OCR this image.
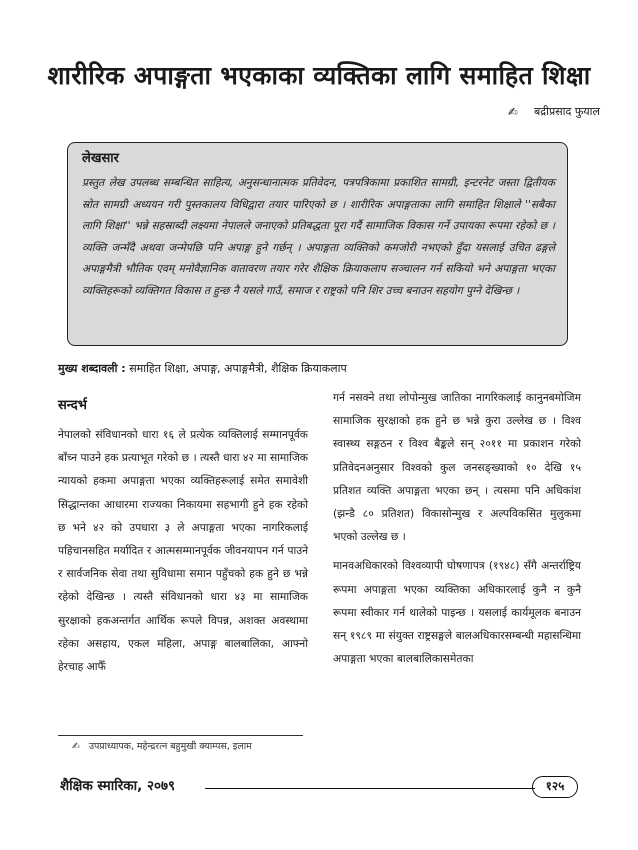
शारीरिक अपाङ्गता भएकाका व्यक्तिका लागि समाहित शिक्षा
✍ बद्रीप्रसाद फुयाल

लेखसार

प्रस्तुत लेख उपलब्ध सम्बन्धित साहित्य, अनुसन्धानात्मक प्रतिवेदन, पत्रपत्रिकामा प्रकाशित सामग्री, इन्टरनेट जस्ता द्वितीयक स्रोत सामग्री अध्ययन गरी पुस्तकालय विधिद्वारा तयार पारिएको छ । शारीरिक अपाङ्गताका लागि समाहित शिक्षाले ''सबैका लागि शिक्षा'' भन्ने सहस्राब्दी लक्ष्यमा नेपालले जनाएको प्रतिबद्धता पूरा गर्दै सामाजिक विकास गर्ने उपायका रूपमा रहेको छ । व्यक्ति जन्मँदै अथवा जन्मेपछि पनि अपाङ्ग हुने गर्छन् । अपाङ्गता व्यक्तिको कमजोरी नभएको हुँदा यसलाई उचित ढङ्गले अपाङ्गमैत्री भौतिक एवम् मनोवैज्ञानिक वातावरण तयार गरेर शैक्षिक क्रियाकलाप सञ्चालन गर्न सकियो भने अपाङ्गता भएका व्यक्तिहरूको व्यक्तिगत विकास त हुन्छ नै यसले गाउँ, समाज र राष्ट्रको पनि शिर उच्च बनाउन सहयोग पुग्ने देखिन्छ ।

मुख्य शब्दावली : समाहित शिक्षा, अपाङ्ग, अपाङ्गमैत्री, शैक्षिक क्रियाकलाप

सन्दर्भ

नेपालको संविधानको धारा १६ ले प्रत्येक व्यक्तिलाई सम्मानपूर्वक बाँच्न पाउने हक प्रत्याभूत गरेको छ । त्यस्तै धारा ४२ मा सामाजिक न्यायको हकमा अपाङ्गता भएका व्यक्तिहरूलाई समेत समावेशी सिद्धान्तका आधारमा राज्यका निकायमा सहभागी हुने हक रहेको छ भने ४२ को उपधारा ३ ले अपाङ्गता भएका नागरिकलाई पहिचानसहित मर्यादित र आत्मसम्मानपूर्वक जीवनयापन गर्न पाउने र सार्वजनिक सेवा तथा सुविधामा समान पहुँचको हक हुने छ भन्ने रहेको देखिन्छ । त्यस्तै संविधानको धारा ४३ मा सामाजिक सुरक्षाको हकअन्तर्गत आर्थिक रूपले विपन्न, अशक्त अवस्थामा रहेका असहाय, एकल महिला, अपाङ्ग बालबालिका, आफ्नो हेरचाह आफैँ

गर्न नसक्ने तथा लोपोन्मुख जातिका नागरिकलाई कानुनबमोजिम सामाजिक सुरक्षाको हक हुने छ भन्ने कुरा उल्लेख छ । विश्व स्वास्थ्य सङ्गठन र विश्व बैङ्कले सन् २०११ मा प्रकाशन गरेको प्रतिवेदनअनुसार विश्वको कुल जनसङ्ख्याको १० देखि १५ प्रतिशत व्यक्ति अपाङ्गता भएका छन् । त्यसमा पनि अधिकांश (झन्डै ८० प्रतिशत) विकासोन्मुख र अल्पविकसित मुलुकमा भएको उल्लेख छ ।

मानवअधिकारको विश्वव्यापी घोषणापत्र (१९४८) सँगै अन्तर्राष्ट्रिय रूपमा अपाङ्गता भएका व्यक्तिका अधिकारलाई कुनै न कुनै रूपमा स्वीकार गर्न थालेको पाइन्छ । यसलाई कार्यमूलक बनाउन सन् १९८९ मा संयुक्त राष्ट्रसङ्घले बालअधिकारसम्बन्धी महासन्धिमा अपाङ्गता भएका बालबालिकासमेतका

✍ उपप्राध्यापक, महेन्द्ररत्न बहुमुखी क्याम्पस, इलाम
शैक्षिक स्मारिका, २०७९	१२५
